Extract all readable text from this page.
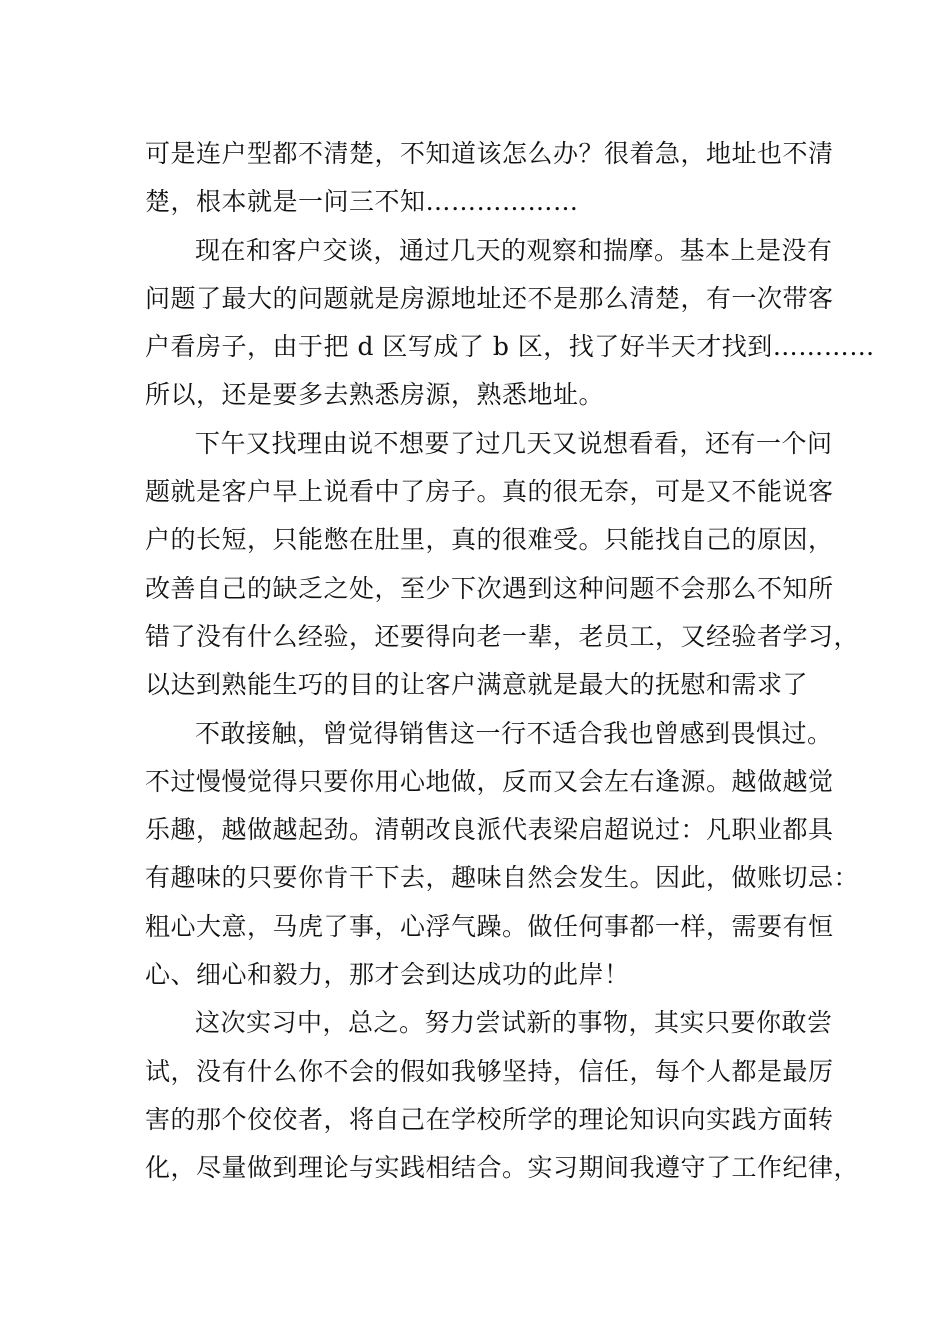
可是连户型都不清楚，不知道该怎么办？很着急，地址也不清
楚，根本就是一问三不知………………
现在和客户交谈，通过几天的观察和揣摩。基本上是没有
问题了最大的问题就是房源地址还不是那么清楚，有一次带客
户看房子，由于把 d 区写成了 b 区，找了好半天才找到…………
所以，还是要多去熟悉房源，熟悉地址。
下午又找理由说不想要了过几天又说想看看，还有一个问
题就是客户早上说看中了房子。真的很无奈，可是又不能说客
户的长短，只能憋在肚里，真的很难受。只能找自己的原因，
改善自己的缺乏之处，至少下次遇到这种问题不会那么不知所
错了没有什么经验，还要得向老一辈，老员工，又经验者学习，
以达到熟能生巧的目的让客户满意就是最大的抚慰和需求了
不敢接触，曾觉得销售这一行不适合我也曾感到畏惧过。
不过慢慢觉得只要你用心地做，反而又会左右逢源。越做越觉
乐趣，越做越起劲。清朝改良派代表梁启超说过：凡职业都具
有趣味的只要你肯干下去，趣味自然会发生。因此，做账切忌：
粗心大意，马虎了事，心浮气躁。做任何事都一样，需要有恒
心、细心和毅力，那才会到达成功的此岸！
这次实习中，总之。努力尝试新的事物，其实只要你敢尝
试，没有什么你不会的假如我够坚持，信任，每个人都是最厉
害的那个佼佼者，将自己在学校所学的理论知识向实践方面转
化，尽量做到理论与实践相结合。实习期间我遵守了工作纪律，
